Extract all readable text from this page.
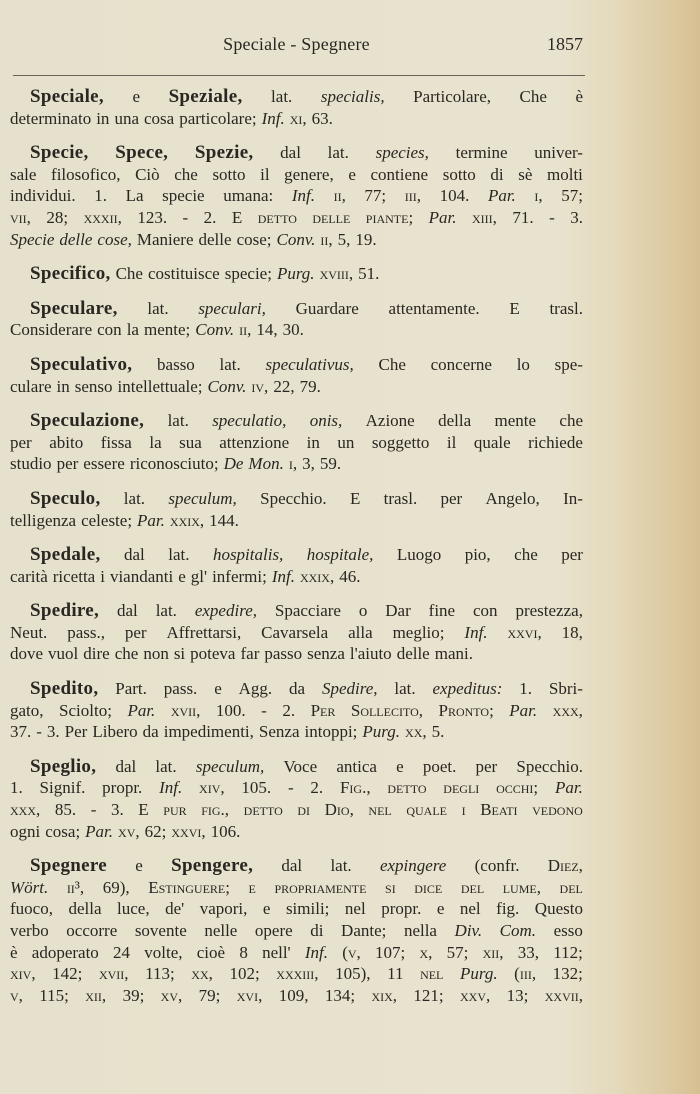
Speciale - Spegnere	1857
Speciale, e Speziale, lat. specialis, Particolare, Che è
determinato in una cosa particolare; Inf. xi, 63.
Specie, Spece, Spezie, dal lat. species, termine univer-
sale filosofico, Ciò che sotto il genere, e contiene sotto di sè molti
individui. 1. La specie umana: Inf. ii, 77; iii, 104. Par. i, 57;
vii, 28; xxxii, 123. - 2. E detto delle piante; Par. xiii, 71. - 3.
Specie delle cose, Maniere delle cose; Conv. ii, 5, 19.
Specifico, Che costituisce specie; Purg. xviii, 51.
Speculare, lat. speculari, Guardare attentamente. E trasl.
Considerare con la mente; Conv. ii, 14, 30.
Speculativo, basso lat. speculativus, Che concerne lo spe-
culare in senso intellettuale; Conv. iv, 22, 79.
Speculazione, lat. speculatio, onis, Azione della mente che
per abito fissa la sua attenzione in un soggetto il quale richiede
studio per essere riconosciuto; De Mon. i, 3, 59.
Speculo, lat. speculum, Specchio. E trasl. per Angelo, In-
telligenza celeste; Par. xxix, 144.
Spedale, dal lat. hospitalis, hospitale, Luogo pio, che per
carità ricetta i viandanti e gl' infermi; Inf. xxix, 46.
Spedire, dal lat. expedire, Spacciare o Dar fine con prestezza,
Neut. pass., per Affrettarsi, Cavarsela alla meglio; Inf. xxvi, 18,
dove vuol dire che non si poteva far passo senza l'aiuto delle mani.
Spedito, Part. pass. e Agg. da Spedire, lat. expeditus: 1. Sbri-
gato, Sciolto; Par. xvii, 100. - 2. Per Sollecito, Pronto; Par. xxx,
37. - 3. Per Libero da impedimenti, Senza intoppi; Purg. xx, 5.
Speglio, dal lat. speculum, Voce antica e poet. per Specchio.
1. Signif. propr. Inf. xiv, 105. - 2. Fig., detto degli occhi; Par.
xxx, 85. - 3. E pur fig., detto di Dio, nel quale i Beati vedono
ogni cosa; Par. xv, 62; xxvi, 106.
Spegnere e Spengere, dal lat. expingere (confr. Diez,
Wört. ii³, 69), Estinguere; e propriamente si dice del lume, del
fuoco, della luce, de' vapori, e simili; nel propr. e nel fig. Questo
verbo occorre sovente nelle opere di Dante; nella Div. Com. esso
è adoperato 24 volte, cioè 8 nell' Inf. (v, 107; x, 57; xii, 33, 112;
xiv, 142; xvii, 113; xx, 102; xxxiii, 105), 11 nel Purg. (iii, 132;
v, 115; xii, 39; xv, 79; xvi, 109, 134; xix, 121; xxv, 13; xxvii,
